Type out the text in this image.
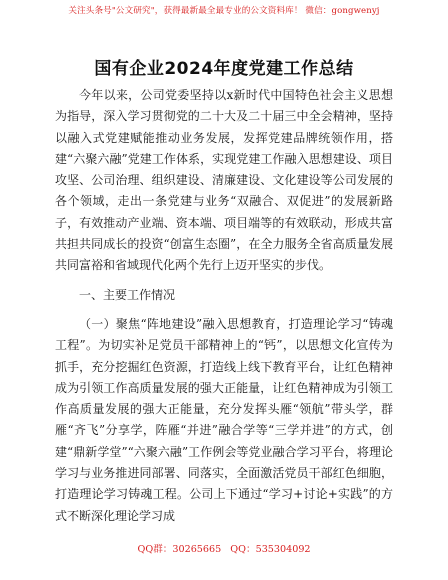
关注头条号"公文研究"，获得最新最全最专业的公文资料库！ 微信：gongwenyj
国有企业2024年度党建工作总结

今年以来，公司党委坚持以x新时代中国特色社会主义思想为指导，深入学习贯彻党的二十大及二十届三中全会精神，坚持以融入式党建赋能推动业务发展，发挥党建品牌统领作用，搭建“六聚六融”党建工作体系，实现党建工作融入思想建设、项目攻坚、公司治理、组织建设、清廉建设、文化建设等公司发展的各个领域，走出一条党建与业务“双融合、双促进”的发展新路子，有效推动产业端、资本端、项目端等的有效联动，形成共富共担共同成长的投资“创富生态圈”，在全力服务全省高质量发展共同富裕和省域现代化两个先行上迈开坚实的步伐。

一、主要工作情况

（一）聚焦“阵地建设”融入思想教育，打造理论学习“铸魂工程”。为切实补足党员干部精神上的“钙”，以思想文化宣传为抓手，充分挖掘红色资源，打造线上线下教育平台，让红色精神成为引领工作高质量发展的强大正能量，让红色精神成为引领工作高质量发展的强大正能量，充分发挥头雁“领航”带头学，群雁“齐飞”分享学，阵雁“并进”融合学等“三学并进”的方式，创建“鼎新学堂”“六聚六融”工作例会等党业融合学习平台，将理论学习与业务推进同部署、同落实，全面激活党员干部红色细胞，打造理论学习铸魂工程。公司上下通过“学习+讨论+实践”的方式不断深化理论学习成

QQ群：30265665 QQ：535304092
